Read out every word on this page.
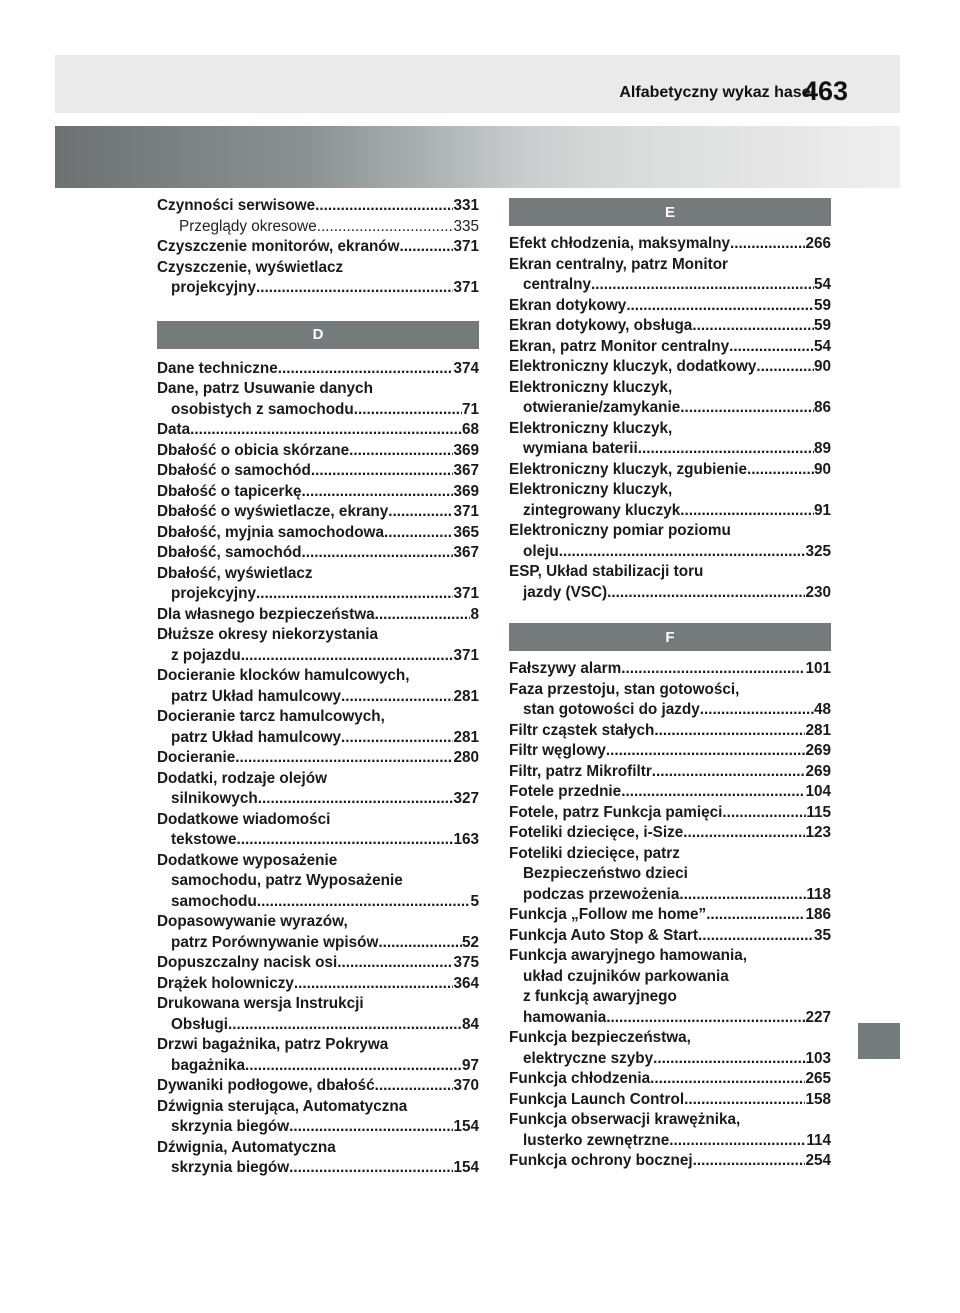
Alfabetyczny wykaz haseł
463
Czynności serwisowe .....	331
Przeglądy okresowe .....	335
Czyszczenie monitorów, ekranów .....	371
Czyszczenie, wyświetlacz
projekcyjny .....	371
D
Dane techniczne .....	374
Dane, patrz Usuwanie danych
osobistych z samochodu .....	71
Data .....	68
Dbałość o obicia skórzane .....	369
Dbałość o samochód .....	367
Dbałość o tapicerkę .....	369
Dbałość o wyświetlacze, ekrany .....	371
Dbałość, myjnia samochodowa .....	365
Dbałość, samochód .....	367
Dbałość, wyświetlacz
projekcyjny .....	371
Dla własnego bezpieczeństwa .....	8
Dłuższe okresy niekorzystania
z pojazdu .....	371
Docieranie klocków hamulcowych,
patrz Układ hamulcowy .....	281
Docieranie tarcz hamulcowych,
patrz Układ hamulcowy .....	281
Docieranie .....	280
Dodatki, rodzaje olejów
silnikowych .....	327
Dodatkowe wiadomości
tekstowe .....	163
Dodatkowe wyposażenie
samochodu, patrz Wyposażenie
samochodu .....	5
Dopasowywanie wyrazów,
patrz Porównywanie wpisów .....	52
Dopuszczalny nacisk osi .....	375
Drążek holowniczy .....	364
Drukowana wersja Instrukcji
Obsługi .....	84
Drzwi bagażnika, patrz Pokrywa
bagażnika .....	97
Dywaniki podłogowe, dbałość .....	370
Dźwignia sterująca, Automatyczna
skrzynia biegów .....	154
Dźwignia, Automatyczna
skrzynia biegów .....	154
E
Efekt chłodzenia, maksymalny .....	266
Ekran centralny, patrz Monitor
centralny .....	54
Ekran dotykowy .....	59
Ekran dotykowy, obsługa .....	59
Ekran, patrz Monitor centralny .....	54
Elektroniczny kluczyk, dodatkowy .....	90
Elektroniczny kluczyk,
otwieranie/zamykanie .....	86
Elektroniczny kluczyk,
wymiana baterii .....	89
Elektroniczny kluczyk, zgubienie .....	90
Elektroniczny kluczyk,
zintegrowany kluczyk .....	91
Elektroniczny pomiar poziomu
oleju .....	325
ESP, Układ stabilizacji toru
jazdy (VSC) .....	230
F
Fałszywy alarm .....	101
Faza przestoju, stan gotowości,
stan gotowości do jazdy .....	48
Filtr cząstek stałych .....	281
Filtr węglowy .....	269
Filtr, patrz Mikrofiltr .....	269
Fotele przednie .....	104
Fotele, patrz Funkcja pamięci .....	115
Foteliki dziecięce, i-Size .....	123
Foteliki dziecięce, patrz
Bezpieczeństwo dzieci
podczas przewożenia .....	118
Funkcja „Follow me home” .....	186
Funkcja Auto Stop & Start .....	35
Funkcja awaryjnego hamowania,
układ czujników parkowania
z funkcją awaryjnego
hamowania .....	227
Funkcja bezpieczeństwa,
elektryczne szyby .....	103
Funkcja chłodzenia .....	265
Funkcja Launch Control .....	158
Funkcja obserwacji krawężnika,
lusterko zewnętrzne .....	114
Funkcja ochrony bocznej .....	254
